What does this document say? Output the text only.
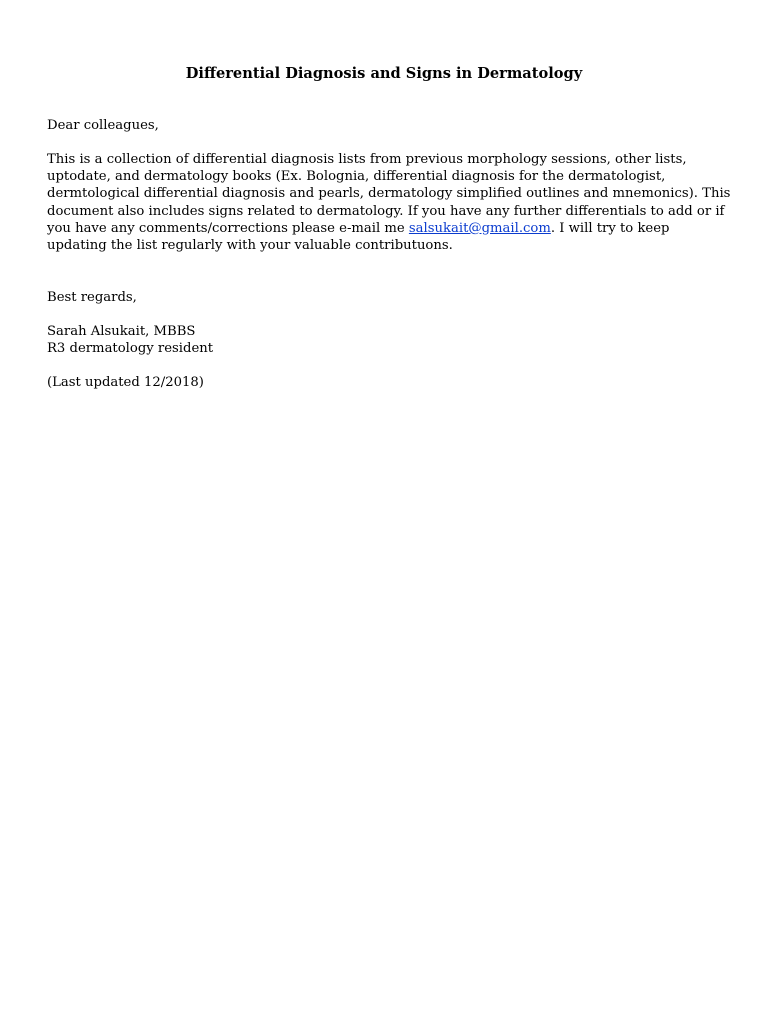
Differential Diagnosis and Signs in Dermatology

Dear colleagues,

This is a collection of differential diagnosis lists from previous morphology sessions, other lists,
uptodate, and dermatology books (Ex. Bolognia, differential diagnosis for the dermatologist,
dermtological differential diagnosis and pearls, dermatology simplified outlines and mnemonics). This
document also includes signs related to dermatology. If you have any further differentials to add or if
you have any comments/corrections please e-mail me salsukait@gmail.com. I will try to keep
updating the list regularly with your valuable contributuons.

Best regards,

Sarah Alsukait, MBBS

R3 dermatology resident

(Last updated 12/2018)
